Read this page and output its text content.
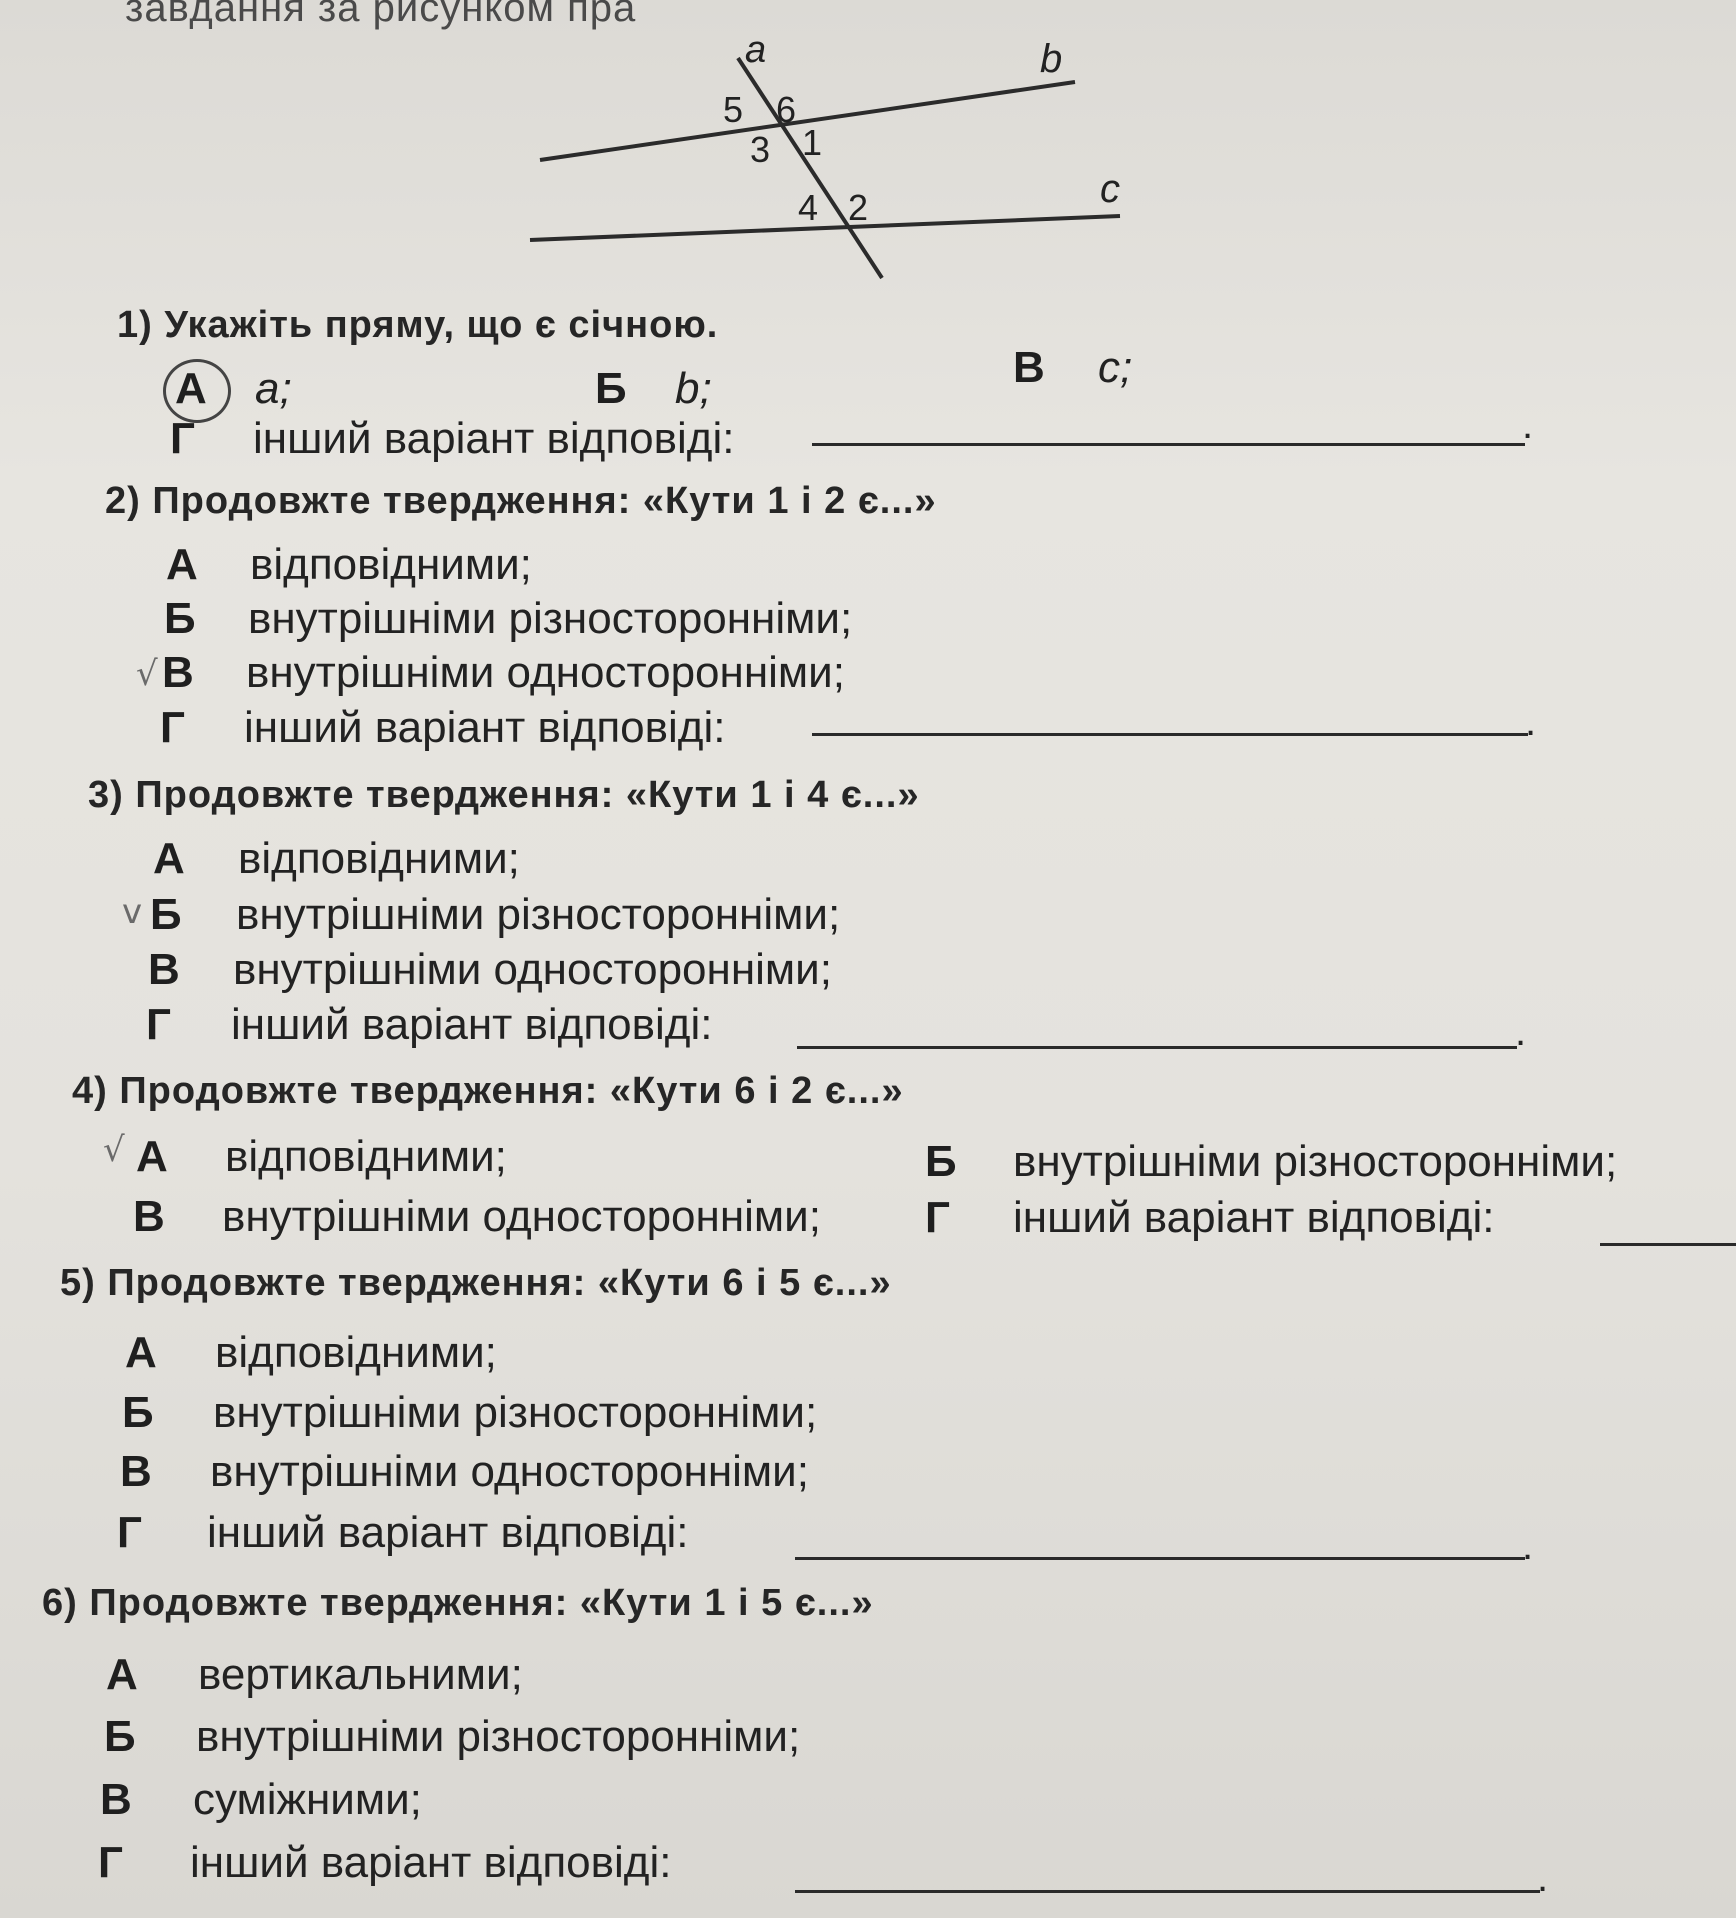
завдання за рисунком пра
a	b
c
5 6
3 1
4 2
1) Укажіть пряму, що є січною.
А a;	Б b;	В c;
Г інший варіант відповіді:	.
2) Продовжте твердження: «Кути 1 і 2 є...»
А відповідними;
Б внутрішніми різносторонніми;
√ В внутрішніми односторонніми;
Г інший варіант відповіді:	.
3) Продовжте твердження: «Кути 1 і 4 є...»
А відповідними;
v Б внутрішніми різносторонніми;
В внутрішніми односторонніми;
Г інший варіант відповіді:	.
4) Продовжте твердження: «Кути 6 і 2 є...»
√ А відповідними;	Б внутрішніми різносторонніми;
В внутрішніми односторонніми; Г інший варіант відповіді:
5) Продовжте твердження: «Кути 6 і 5 є...»
А відповідними;
Б внутрішніми різносторонніми;
В внутрішніми односторонніми;
Г інший варіант відповіді:	.
6) Продовжте твердження: «Кути 1 і 5 є...»
А вертикальними;
Б внутрішніми різносторонніми;
В суміжними;
Г інший варіант відповіді:	.
